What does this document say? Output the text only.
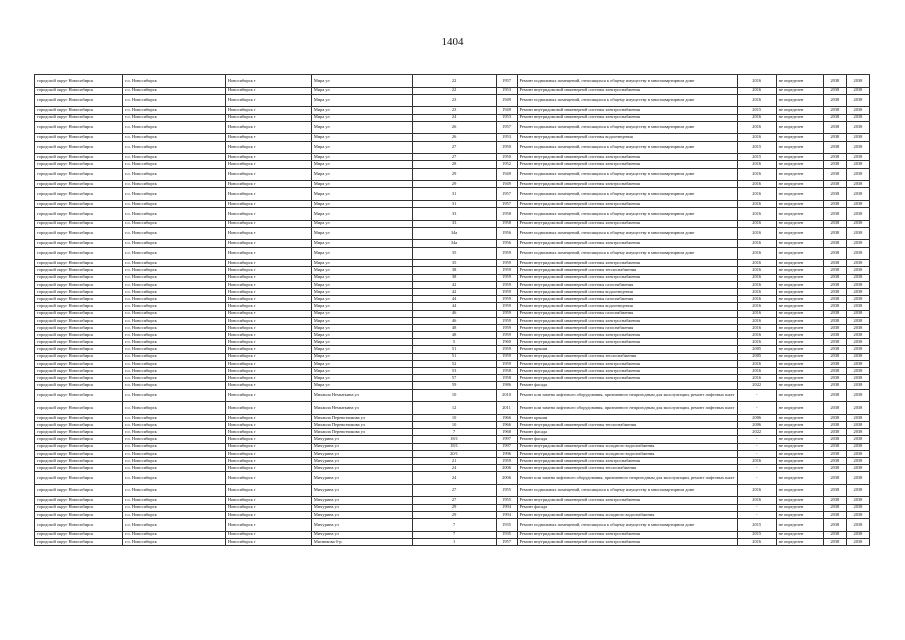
1404
городской округ Новосибирск	г.о. Новосибирск	Новосибирск г	Мира ул	22	1957	Ремонт подвальных помещений, относящихся к общему имуществу в многоквартирном доме	2016	не определен	2038	2038
городской округ Новосибирск	г.о. Новосибирск	Новосибирск г	Мира ул	22	1953	Ремонт внутридомовой инженерной системы электроснабжения	2016	не определен	2038	2038
городской округ Новосибирск	г.о. Новосибирск	Новосибирск г	Мира ул	23	1949	Ремонт подвальных помещений, относящихся к общему имуществу в многоквартирном доме	2016	не определен	2038	2038
городской округ Новосибирск	г.о. Новосибирск	Новосибирск г	Мира ул	23	1949	Ремонт внутридомовой инженерной системы электроснабжения	2015	не определен	2038	2038
городской округ Новосибирск	г.о. Новосибирск	Новосибирск г	Мира ул	24	1953	Ремонт внутридомовой инженерной системы электроснабжения	2016	не определен	2038	2038
городской округ Новосибирск	г.о. Новосибирск	Новосибирск г	Мира ул	26	1957	Ремонт подвальных помещений, относящихся к общему имуществу в многоквартирном доме	2016	не определен	2038	2038
городской округ Новосибирск	г.о. Новосибирск	Новосибирск г	Мира ул	26	1953	Ремонт внутридомовой инженерной системы водоотведения	2016	не определен	2038	2038
городской округ Новосибирск	г.о. Новосибирск	Новосибирск г	Мира ул	27	1950	Ремонт подвальных помещений, относящихся к общему имуществу в многоквартирном доме	2015	не определен	2038	2038
городской округ Новосибирск	г.о. Новосибирск	Новосибирск г	Мира ул	27	1950	Ремонт внутридомовой инженерной системы электроснабжения	2015	не определен	2038	2038
городской округ Новосибирск	г.о. Новосибирск	Новосибирск г	Мира ул	28	1952	Ремонт внутридомовой инженерной системы электроснабжения	2016	не определен	2038	2038
городской округ Новосибирск	г.о. Новосибирск	Новосибирск г	Мира ул	29	1949	Ремонт подвальных помещений, относящихся к общему имуществу в многоквартирном доме	2016	не определен	2038	2038
городской округ Новосибирск	г.о. Новосибирск	Новосибирск г	Мира ул	29	1949	Ремонт внутридомовой инженерной системы электроснабжения	2016	не определен	2038	2038
городской округ Новосибирск	г.о. Новосибирск	Новосибирск г	Мира ул	31	1957	Ремонт подвальных помещений, относящихся к общему имуществу в многоквартирном доме	2016	не определен	2038	2038
городской округ Новосибирск	г.о. Новосибирск	Новосибирск г	Мира ул	31	1957	Ремонт внутридомовой инженерной системы электроснабжения	2016	не определен	2038	2038
городской округ Новосибирск	г.о. Новосибирск	Новосибирск г	Мира ул	33	1958	Ремонт подвальных помещений, относящихся к общему имуществу в многоквартирном доме	2016	не определен	2038	2038
городской округ Новосибирск	г.о. Новосибирск	Новосибирск г	Мира ул	33	1958	Ремонт внутридомовой инженерной системы электроснабжения	2016	не определен	2038	2038
городской округ Новосибирск	г.о. Новосибирск	Новосибирск г	Мира ул	34а	1956	Ремонт подвальных помещений, относящихся к общему имуществу в многоквартирном доме	2016	не определен	2038	2038
городской округ Новосибирск	г.о. Новосибирск	Новосибирск г	Мира ул	34а	1956	Ремонт внутридомовой инженерной системы электроснабжения	2016	не определен	2038	2038
городской округ Новосибирск	г.о. Новосибирск	Новосибирск г	Мира ул	35	1959	Ремонт подвальных помещений, относящихся к общему имуществу в многоквартирном доме	2016	не определен	2038	2038
городской округ Новосибирск	г.о. Новосибирск	Новосибирск г	Мира ул	35	1959	Ремонт внутридомовой инженерной системы электроснабжения	2016	не определен	2038	2038
городской округ Новосибирск	г.о. Новосибирск	Новосибирск г	Мира ул	38	1959	Ремонт внутридомовой инженерной системы теплоснабжения	2016	не определен	2038	2038
городской округ Новосибирск	г.о. Новосибирск	Новосибирск г	Мира ул	38	1959	Ремонт внутридомовой инженерной системы электроснабжения	2016	не определен	2038	2038
городской округ Новосибирск	г.о. Новосибирск	Новосибирск г	Мира ул	42	1959	Ремонт внутридомовой инженерной системы газоснабжения	2016	не определен	2038	2038
городской округ Новосибирск	г.о. Новосибирск	Новосибирск г	Мира ул	42	1959	Ремонт внутридомовой инженерной системы водоотведения	2016	не определен	2038	2038
городской округ Новосибирск	г.о. Новосибирск	Новосибирск г	Мира ул	44	1959	Ремонт внутридомовой инженерной системы газоснабжения	2016	не определен	2038	2038
городской округ Новосибирск	г.о. Новосибирск	Новосибирск г	Мира ул	44	1959	Ремонт внутридомовой инженерной системы водоотведения	2016	не определен	2038	2038
городской округ Новосибирск	г.о. Новосибирск	Новосибирск г	Мира ул	46	1959	Ремонт внутридомовой инженерной системы газоснабжения	2016	не определен	2038	2038
городской округ Новосибирск	г.о. Новосибирск	Новосибирск г	Мира ул	46	1959	Ремонт внутридомовой инженерной системы электроснабжения	2016	не определен	2038	2038
городской округ Новосибирск	г.о. Новосибирск	Новосибирск г	Мира ул	48	1959	Ремонт внутридомовой инженерной системы газоснабжения	2016	не определен	2038	2038
городской округ Новосибирск	г.о. Новосибирск	Новосибирск г	Мира ул	48	1959	Ремонт внутридомовой инженерной системы электроснабжения	2016	не определен	2038	2038
городской округ Новосибирск	г.о. Новосибирск	Новосибирск г	Мира ул	5	1960	Ремонт внутридомовой инженерной системы электроснабжения	2016	не определен	2038	2038
городской округ Новосибирск	г.о. Новосибирск	Новосибирск г	Мира ул	51	1959	Ремонт крыши	2005	не определен	2038	2038
городской округ Новосибирск	г.о. Новосибирск	Новосибирск г	Мира ул	51	1959	Ремонт внутридомовой инженерной системы теплоснабжения	2005	не определен	2038	2038
городской округ Новосибирск	г.о. Новосибирск	Новосибирск г	Мира ул	52	1959	Ремонт внутридомовой инженерной системы электроснабжения	2016	не определен	2038	2038
городской округ Новосибирск	г.о. Новосибирск	Новосибирск г	Мира ул	53	1958	Ремонт внутридомовой инженерной системы электроснабжения	2016	не определен	2038	2038
городской округ Новосибирск	г.о. Новосибирск	Новосибирск г	Мира ул	57	1958	Ремонт внутридомовой инженерной системы электроснабжения	2016	не определен	2038	2038
городской округ Новосибирск	г.о. Новосибирск	Новосибирск г	Мира ул	59	1986	Ремонт фасада	2022	не определен	2038	2038
городской округ Новосибирск	г.о. Новосибирск	Новосибирск г	Михаила Немыткина ул	10	2010	Ремонт или замена лифтового оборудования, признанного непригодным для эксплуатации, ремонт лифтовых шахт	-	не определен	2038	2038
городской округ Новосибирск	г.о. Новосибирск	Новосибирск г	Михаила Немыткина ул	12	2011	Ремонт или замена лифтового оборудования, признанного непригодным для эксплуатации, ремонт лифтовых шахт	-	не определен	2038	2038
городской округ Новосибирск	г.о. Новосибирск	Новосибирск г	Михаила Перевозчикова ул	10	1966	Ремонт крыши	2006	не определен	2038	2038
городской округ Новосибирск	г.о. Новосибирск	Новосибирск г	Михаила Перевозчикова ул	10	1966	Ремонт внутридомовой инженерной системы теплоснабжения	2006	не определен	2038	2038
городской округ Новосибирск	г.о. Новосибирск	Новосибирск г	Михаила Перевозчикова ул	7	1968	Ремонт фасада	2022	не определен	2038	2038
городской округ Новосибирск	г.о. Новосибирск	Новосибирск г	Мичурина ул	18/1	1997	Ремонт фасада	-	не определен	2038	2038
городской округ Новосибирск	г.о. Новосибирск	Новосибирск г	Мичурина ул	18/1	1997	Ремонт внутридомовой инженерной системы холодного водоснабжения	-	не определен	2038	2038
городской округ Новосибирск	г.о. Новосибирск	Новосибирск г	Мичурина ул	20/1	1996	Ремонт внутридомовой инженерной системы холодного водоснабжения	-	не определен	2038	2038
городской округ Новосибирск	г.о. Новосибирск	Новосибирск г	Мичурина ул	21	1959	Ремонт внутридомовой инженерной системы электроснабжения	2016	не определен	2038	2038
городской округ Новосибирск	г.о. Новосибирск	Новосибирск г	Мичурина ул	24	2006	Ремонт внутридомовой инженерной системы теплоснабжения	-	не определен	2038	2038
городской округ Новосибирск	г.о. Новосибирск	Новосибирск г	Мичурина ул	24	2006	Ремонт или замена лифтового оборудования, признанного непригодным для эксплуатации, ремонт лифтовых шахт	-	не определен	2038	2038
городской округ Новосибирск	г.о. Новосибирск	Новосибирск г	Мичурина ул	27	1955	Ремонт подвальных помещений, относящихся к общему имуществу в многоквартирном доме	2016	не определен	2038	2038
городской округ Новосибирск	г.о. Новосибирск	Новосибирск г	Мичурина ул	27	1955	Ремонт внутридомовой инженерной системы электроснабжения	2016	не определен	2038	2038
городской округ Новосибирск	г.о. Новосибирск	Новосибирск г	Мичурина ул	29	1994	Ремонт фасада	-	не определен	2038	2038
городской округ Новосибирск	г.о. Новосибирск	Новосибирск г	Мичурина ул	29	1994	Ремонт внутридомовой инженерной системы холодного водоснабжения	-	не определен	2038	2038
городской округ Новосибирск	г.о. Новосибирск	Новосибирск г	Мичурина ул	7	1935	Ремонт подвальных помещений, относящихся к общему имуществу в многоквартирном доме	2015	не определен	2038	2038
городской округ Новосибирск	г.о. Новосибирск	Новосибирск г	Мичурина ул	7	1935	Ремонт внутридомовой инженерной системы электроснабжения	2015	не определен	2038	2038
городской округ Новосибирск	г.о. Новосибирск	Новосибирск г	Мясникова б-р	1	1957	Ремонт внутридомовой инженерной системы электроснабжения	2016	не определен	2038	2038
